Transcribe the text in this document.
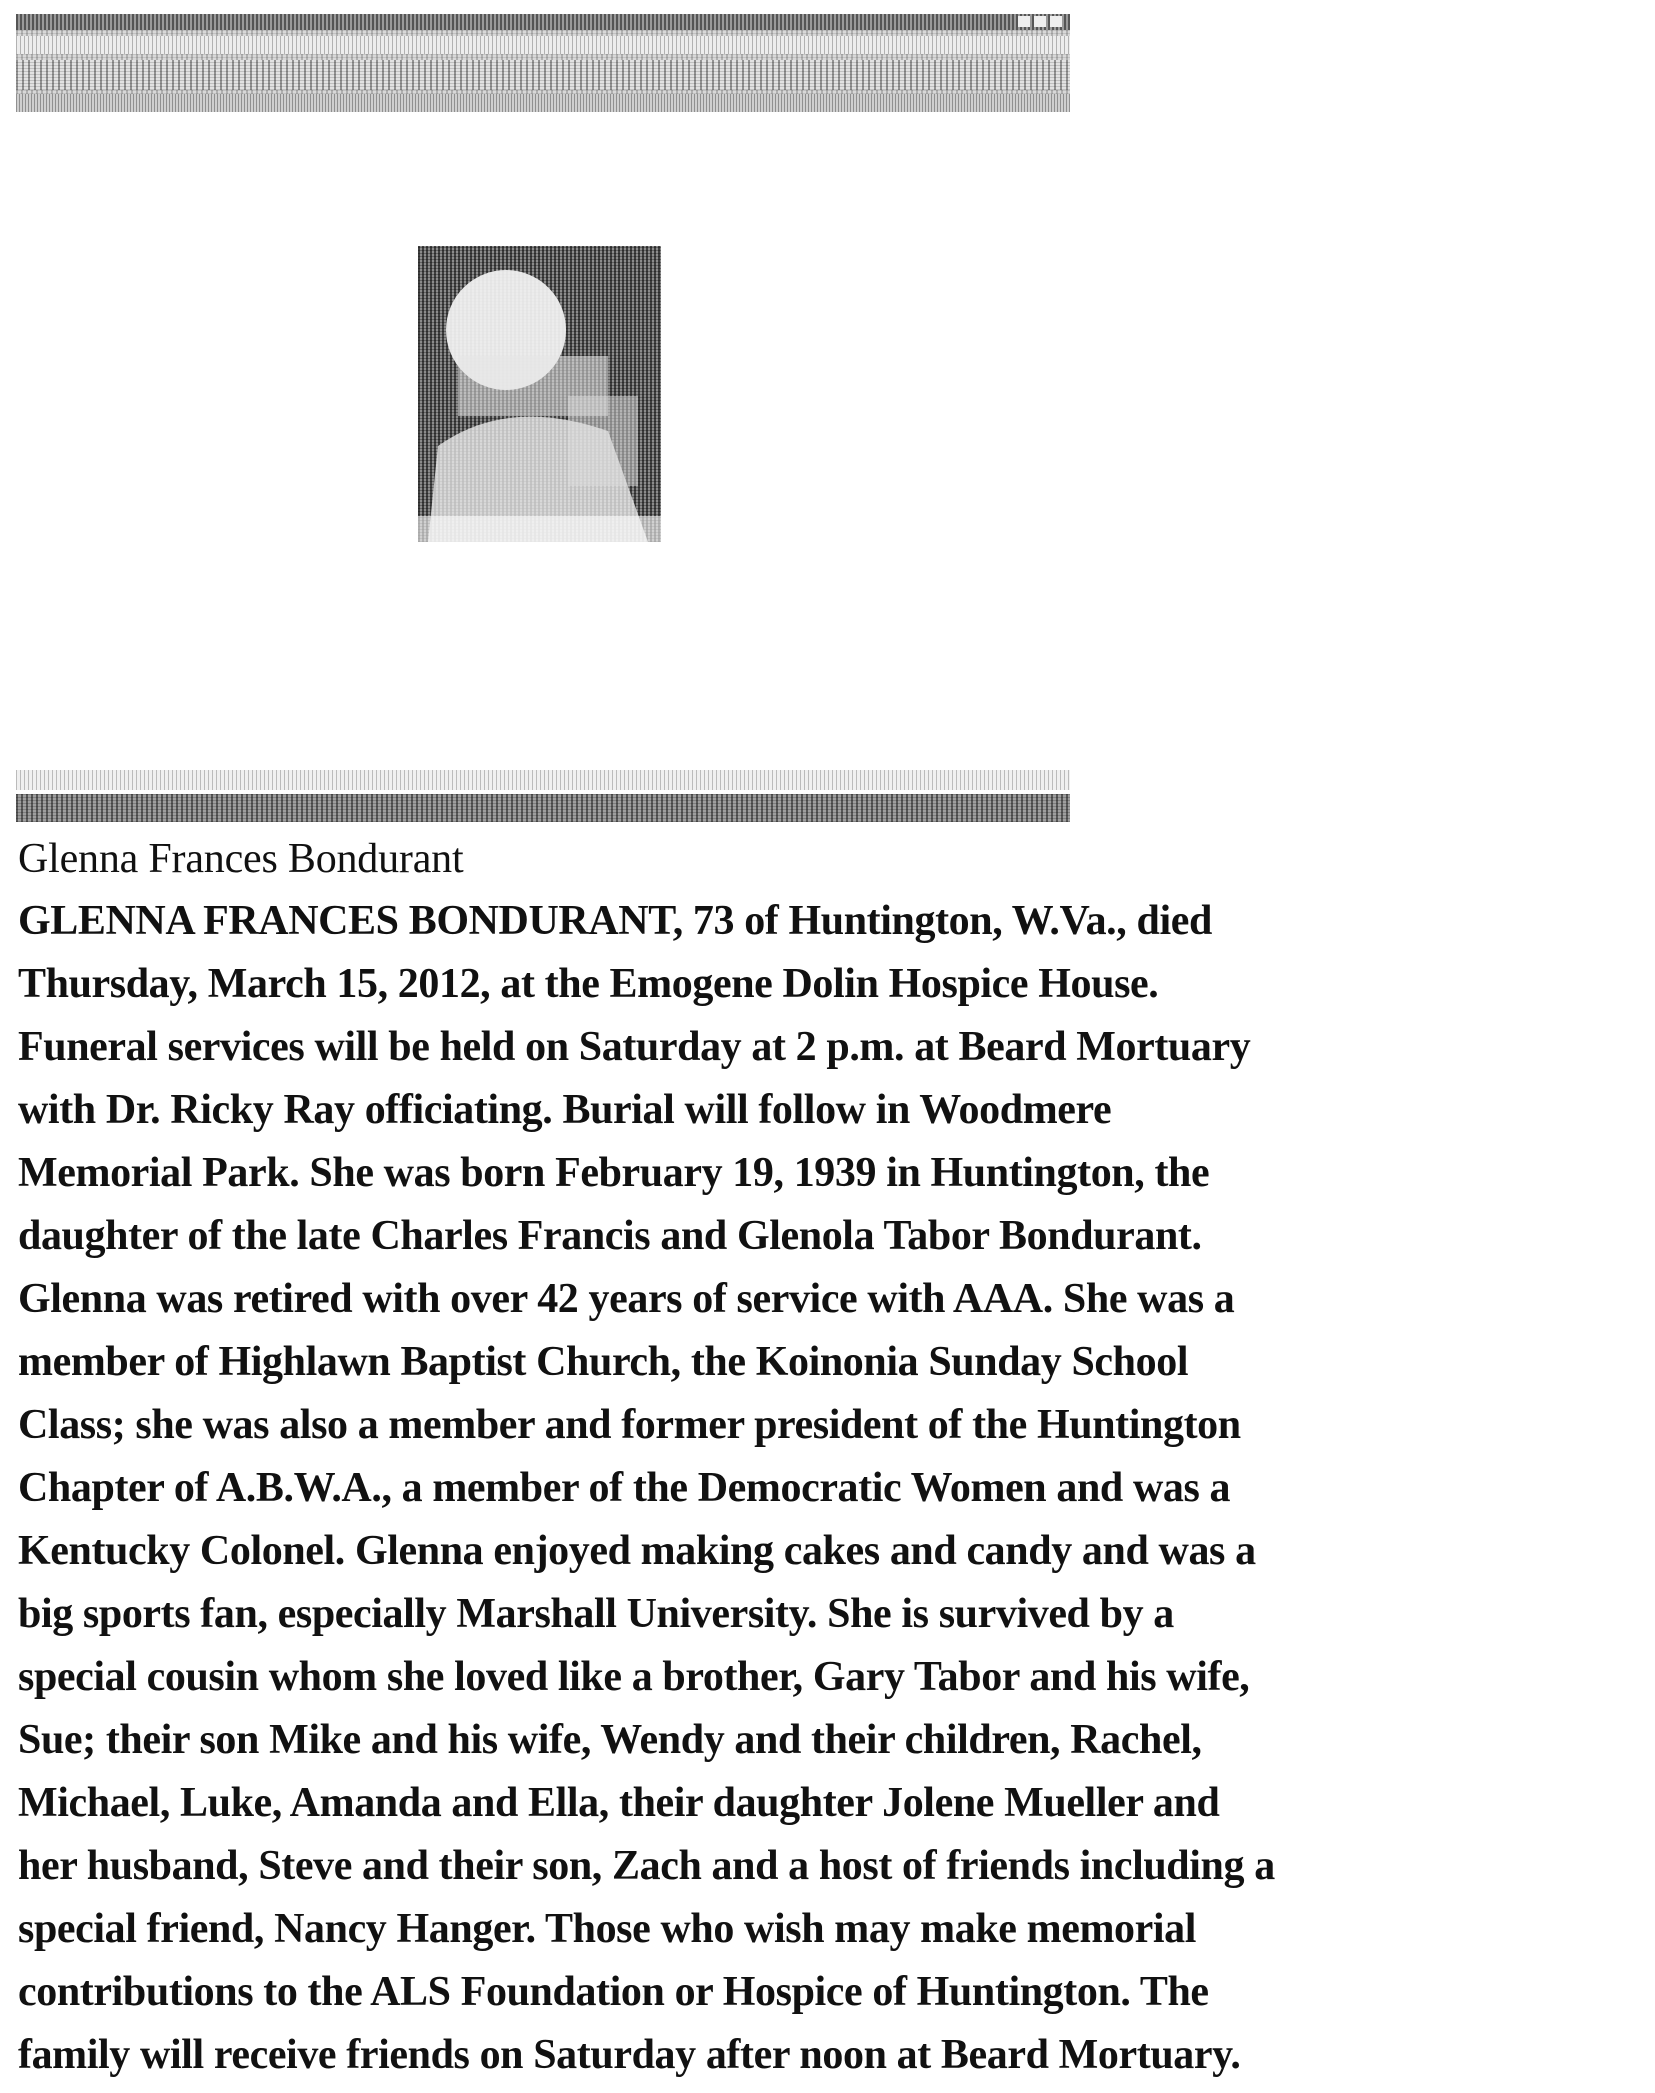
Glenna Frances Bondurant

GLENNA FRANCES BONDURANT, 73 of Huntington, W.Va., died
Thursday, March 15, 2012, at the Emogene Dolin Hospice House.
Funeral services will be held on Saturday at 2 p.m. at Beard Mortuary
with Dr. Ricky Ray officiating. Burial will follow in Woodmere
Memorial Park. She was born February 19, 1939 in Huntington, the
daughter of the late Charles Francis and Glenola Tabor Bondurant.
Glenna was retired with over 42 years of service with AAA. She was a
member of Highlawn Baptist Church, the Koinonia Sunday School
Class; she was also a member and former president of the Huntington
Chapter of A.B.W.A., a member of the Democratic Women and was a
Kentucky Colonel. Glenna enjoyed making cakes and candy and was a
big sports fan, especially Marshall University. She is survived by a
special cousin whom she loved like a brother, Gary Tabor and his wife,
Sue; their son Mike and his wife, Wendy and their children, Rachel,
Michael, Luke, Amanda and Ella, their daughter Jolene Mueller and
her husband, Steve and their son, Zach and a host of friends including a
special friend, Nancy Hanger. Those who wish may make memorial
contributions to the ALS Foundation or Hospice of Huntington. The
family will receive friends on Saturday after noon at Beard Mortuary.
